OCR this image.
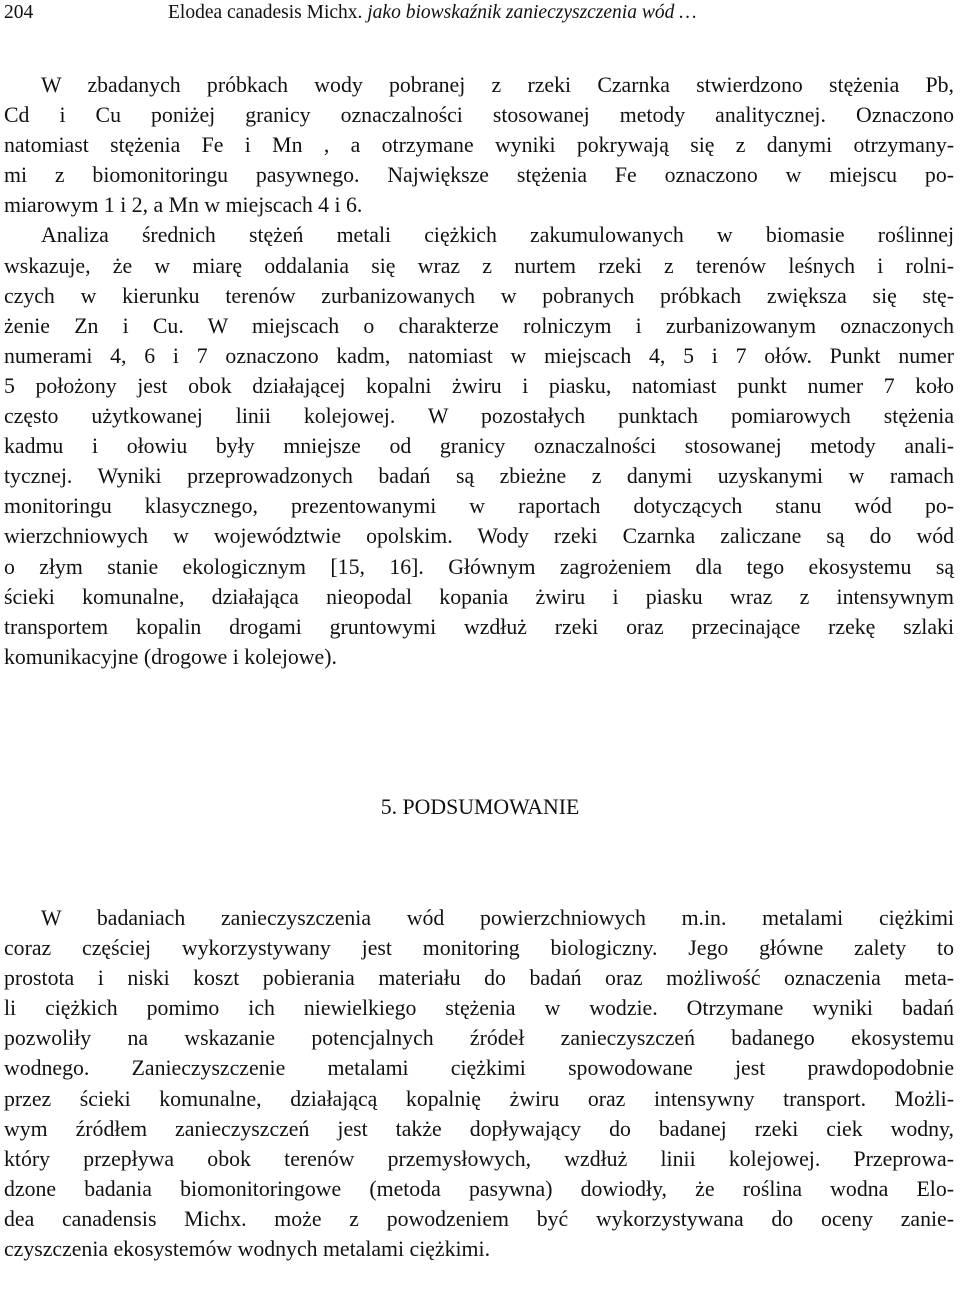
204	Elodea canadesis Michx. jako biowskaźnik zanieczyszczenia wód …
W zbadanych próbkach wody pobranej z rzeki Czarnka stwierdzono stężenia Pb,
Cd i Cu poniżej granicy oznaczalności stosowanej metody analitycznej. Oznaczono
natomiast stężenia Fe i Mn , a otrzymane wyniki pokrywają się z danymi otrzymany-
mi z biomonitoringu pasywnego. Największe stężenia Fe oznaczono w miejscu po-
miarowym 1 i 2, a Mn w miejscach 4 i 6.
Analiza średnich stężeń metali ciężkich zakumulowanych w biomasie roślinnej
wskazuje, że w miarę oddalania się wraz z nurtem rzeki z terenów leśnych i rolni-
czych w kierunku terenów zurbanizowanych w pobranych próbkach zwiększa się stę-
żenie Zn i Cu. W miejscach o charakterze rolniczym i zurbanizowanym oznaczonych
numerami 4, 6 i 7 oznaczono kadm, natomiast w miejscach 4, 5 i 7 ołów. Punkt numer
5 położony jest obok działającej kopalni żwiru i piasku, natomiast punkt numer 7 koło
często użytkowanej linii kolejowej. W pozostałych punktach pomiarowych stężenia
kadmu i ołowiu były mniejsze od granicy oznaczalności stosowanej metody anali-
tycznej. Wyniki przeprowadzonych badań są zbieżne z danymi uzyskanymi w ramach
monitoringu klasycznego, prezentowanymi w raportach dotyczących stanu wód po-
wierzchniowych w województwie opolskim. Wody rzeki Czarnka zaliczane są do wód
o złym stanie ekologicznym [15, 16]. Głównym zagrożeniem dla tego ekosystemu są
ścieki komunalne, działająca nieopodal kopania żwiru i piasku wraz z intensywnym
transportem kopalin drogami gruntowymi wzdłuż rzeki oraz przecinające rzekę szlaki
komunikacyjne (drogowe i kolejowe).
5. PODSUMOWANIE
W badaniach zanieczyszczenia wód powierzchniowych m.in. metalami ciężkimi
coraz częściej wykorzystywany jest monitoring biologiczny. Jego główne zalety to
prostota i niski koszt pobierania materiału do badań oraz możliwość oznaczenia meta-
li ciężkich pomimo ich niewielkiego stężenia w wodzie. Otrzymane wyniki badań
pozwoliły na wskazanie potencjalnych źródeł zanieczyszczeń badanego ekosystemu
wodnego. Zanieczyszczenie metalami ciężkimi spowodowane jest prawdopodobnie
przez ścieki komunalne, działającą kopalnię żwiru oraz intensywny transport. Możli-
wym źródłem zanieczyszczeń jest także dopływający do badanej rzeki ciek wodny,
który przepływa obok terenów przemysłowych, wzdłuż linii kolejowej. Przeprowa-
dzone badania biomonitoringowe (metoda pasywna) dowiodły, że roślina wodna Elo-
dea canadensis Michx. może z powodzeniem być wykorzystywana do oceny zanie-
czyszczenia ekosystemów wodnych metalami ciężkimi.
